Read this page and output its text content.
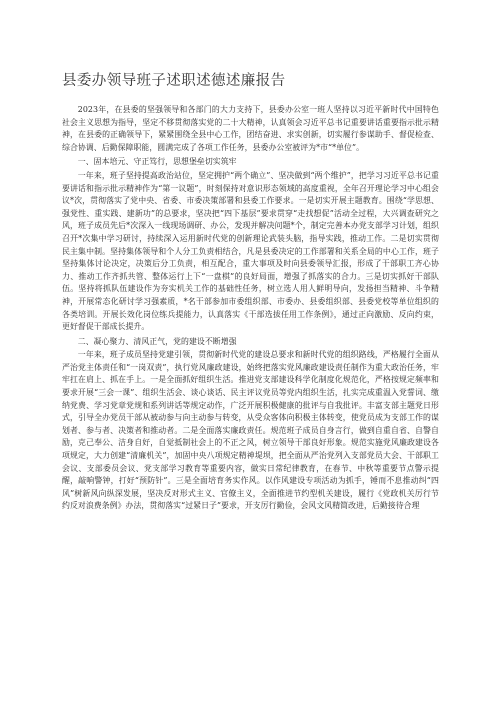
县委办领导班子述职述德述廉报告

2023年，在县委的坚强领导和各部门的大力支持下，县委办公室一班人坚持以习近平新时代中国特色社会主义思想为指导，坚定不移贯彻落实党的二十大精神，认真领会习近平总书记重要讲话重要指示批示精神，在县委的正确领导下，紧紧围绕全县中心工作，团结奋进、求实创新，切实履行参谋助手、督促检查、综合协调、后勤保障职能，圆满完成了各项工作任务，县委办公室被评为*市“*单位”。

一、固本培元、守正笃行，思想堡垒切实筑牢

一年来，班子坚持提高政治站位，坚定拥护“两个确立”、坚决做到“两个维护”，把学习习近平总书记重要讲话和指示批示精神作为“第一议题”，时刻保持对意识形态领域的高度重视，全年召开理论学习中心组会议*次，贯彻落实了党中央、省委、市委决策部署和县委工作要求。一是切实开展主题教育。围绕“学思想、强党性、重实践、建新功”的总要求，坚决把“四下基层”要求贯穿“走找想促”活动全过程，大兴调查研究之风，班子成员先后*次深入一线现场调研、办公，发现并解决问题*个，制定完善本办党支部学习计划，组织召开*次集中学习研讨，持续深入运用新时代党的创新理论武装头脑，指导实践，推动工作。二是切实贯彻民主集中制。坚持集体领导和个人分工负责相结合，凡是县委决定的工作部署和关系全局的中心工作，班子坚持集体讨论决定，决策后分工负责，相互配合，重大事项及时向县委领导汇报，形成了干部职工齐心协力、推动工作齐抓共管、整体运行上下“一盘棋”的良好局面，增强了抓落实的合力。三是切实抓好干部队伍。坚持将抓队伍建设作为夯实机关工作的基础性任务，树立选人用人鲜明导向，发扬担当精神、斗争精神，开展常态化研讨学习强素质，*名干部参加市委组织部、市委办、县委组织部、县委党校等单位组织的各类培训。开展长效化岗位练兵提能力，认真落实《干部选拔任用工作条例》，通过正向激励、反向约束，更好督促干部成长提升。

二、凝心聚力、清风正气，党的建设不断增强

一年来，班子成员坚持党建引领，贯彻新时代党的建设总要求和新时代党的组织路线，严格履行全面从严治党主体责任和“一岗双责”，执行党风廉政建设，始终把落实党风廉政建设责任制作为重大政治任务，牢牢扛在肩上、抓在手上。一是全面抓好组织生活。推进党支部建设科学化制度化规范化，严格按规定频率和要求开展“三会一课”、组织生活会、谈心谈话、民主评议党员等党内组织生活，扎实完成重温入党誓词、缴纳党费、学习党章党规和系列讲话等规定动作，广泛开展积极健康的批评与自我批评。丰富支部主题党日形式，引导全办党员干部从被动参与向主动参与转变，从受众客体向积极主体转变，使党员成为支部工作的谋划者、参与者、决策者和推动者。二是全面落实廉政责任。规范班子成员自身言行，做到自重自省、自警自励，克己奉公、洁身自好，自觉抵制社会上的不正之风，树立领导干部良好形象。规范实施党风廉政建设各项规定，大力创建“清廉机关”，加固中央八项规定精神堤坝，把全面从严治党列入支部党员大会、干部职工会议、支部委员会议、党支部学习教育等重要内容，做实日常纪律教育，在春节、中秋等重要节点警示提醒，敲响警钟，打好“预防针”。三是全面培育务实作风。以作风建设专项活动为抓手，锤而不息推动纠“四风”树新风向纵深发展，坚决反对形式主义、官僚主义，全面推进节约型机关建设，履行《党政机关厉行节约反对浪费条例》办法，贯彻落实“过紧日子”要求，开支厉行勤俭，会风文风精简改进，后勤接待合理
